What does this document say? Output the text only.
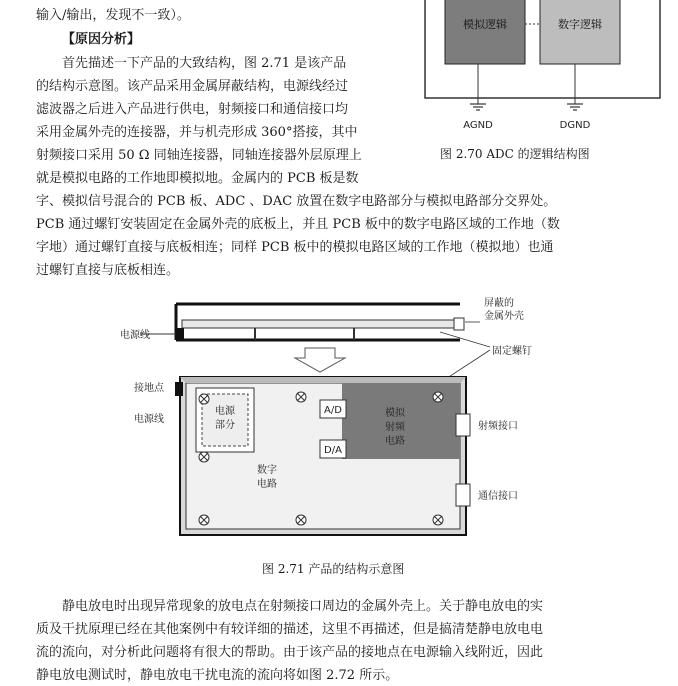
输入/输出，发现不一致）。
【原因分析】
首先描述一下产品的大致结构，图 2.71 是该产品
的结构示意图。该产品采用金属屏蔽结构，电源线经过
滤波器之后进入产品进行供电，射频接口和通信接口均
采用金属外壳的连接器，并与机壳形成 360°搭接，其中
射频接口采用 50 Ω 同轴连接器，同轴连接器外层原理上
就是模拟电路的工作地即模拟地。金属内的 PCB 板是数
字、模拟信号混合的 PCB 板、ADC 、DAC 放置在数字电路部分与模拟电路部分交界处。
PCB 通过螺钉安装固定在金属外壳的底板上，并且 PCB 板中的数字电路区域的工作地（数
字地）通过螺钉直接与底板相连；同样 PCB 板中的模拟电路区域的工作地（模拟地）也通
过螺钉直接与底板相连。
模拟逻辑	数字逻辑
AGND	DGND
图 2.70 ADC 的逻辑结构图
屏蔽的
金属外壳
电源线
固定螺钉
接地点
电源线
电源
部分
A/D
D/A
模拟
射频
电路
数字
电路
射频接口
通信接口
图 2.71 产品的结构示意图
静电放电时出现异常现象的放电点在射频接口周边的金属外壳上。关于静电放电的实
质及干扰原理已经在其他案例中有较详细的描述，这里不再描述，但是搞清楚静电放电电
流的流向，对分析此问题将有很大的帮助。由于该产品的接地点在电源输入线附近，因此
静电放电测试时，静电放电干扰电流的流向将如图 2.72 所示。
